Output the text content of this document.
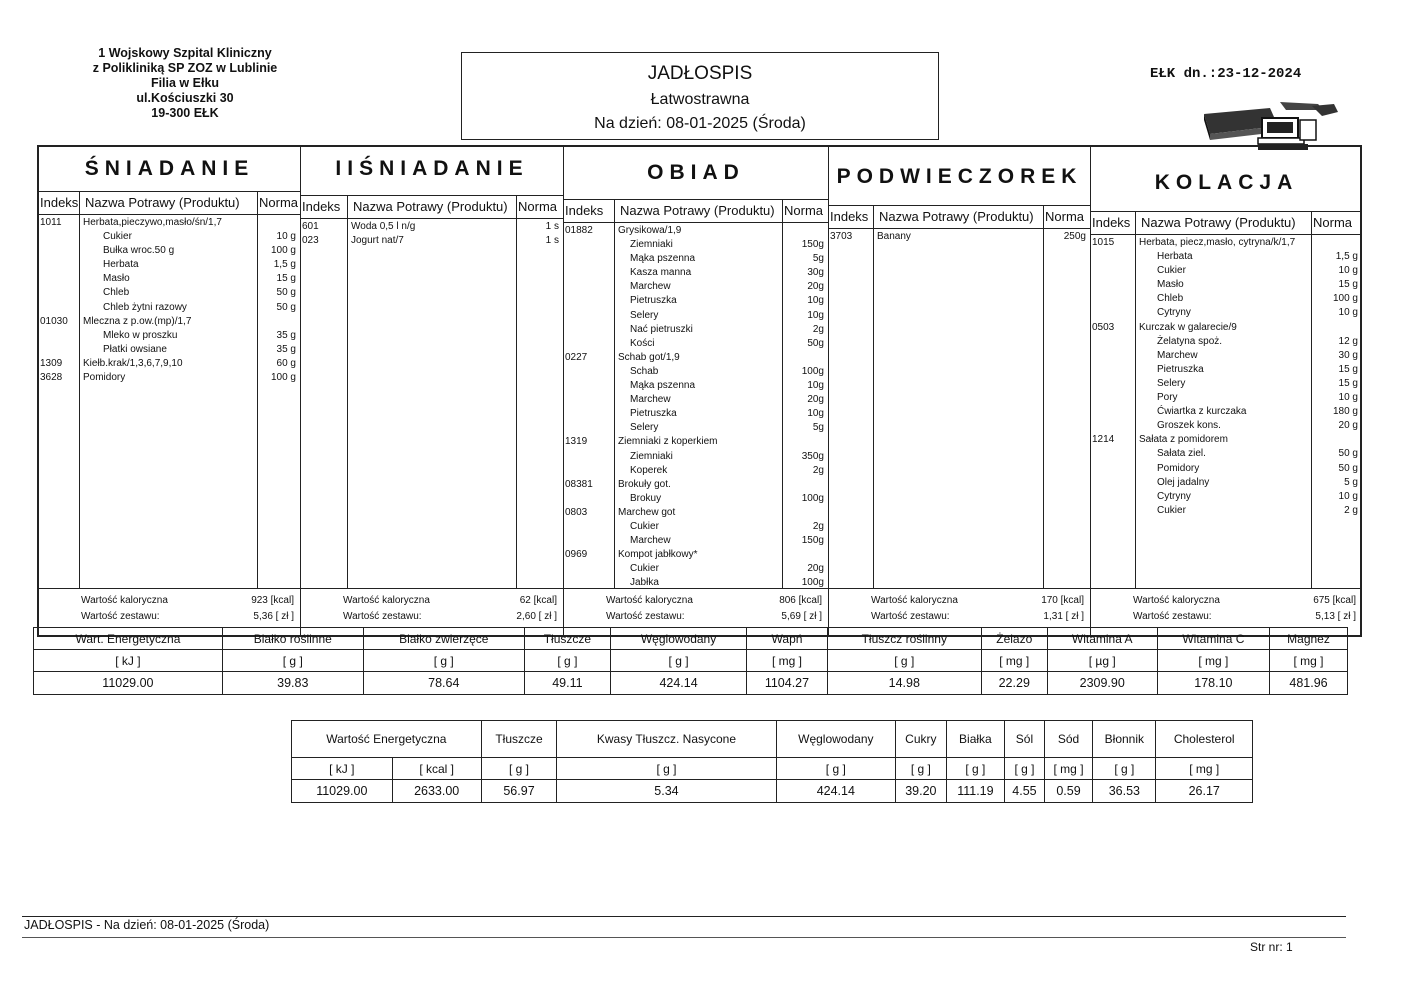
1 Wojskowy Szpital Kliniczny
z Polikliniką SP ZOZ w Lublinie
Filia w Ełku
ul.Kościuszki 30
19-300 EŁK
JADŁOSPIS
Łatwostrawna
Na dzień: 08-01-2025 (Środa)
EŁK dn.:23-12-2024
ŚNIADANIE
Indeks Nazwa Potrawy (Produktu) Norma
1011 Herbata,pieczywo,masło/śn/1,7
Cukier	10 g
Bułka wroc.50 g	100 g
Herbata	1,5 g
Masło	15 g
Chleb	50 g
Chleb żytni razowy	50 g
01030 Mleczna z p.ow.(mp)/1,7
Mleko w proszku	35 g
Płatki owsiane	35 g
1309 Kiełb.krak/1,3,6,7,9,10	60 g
3628 Pomidory	100 g
Wartość kaloryczna	923 [kcal]
Wartość zestawu:	5,36 [ zł ]
IIŚNIADANIE
Indeks Nazwa Potrawy (Produktu) Norma
601	Woda 0,5 l n/g	1 s
023	Jogurt nat/7	1 s
Wartość kaloryczna	62 [kcal]
Wartość zestawu:	2,60 [ zł ]
OBIAD
Indeks Nazwa Potrawy (Produktu) Norma
01882	Grysikowa/1,9
Ziemniaki	150g
Mąka pszenna	5g
Kasza manna	30g
Marchew	20g
Pietruszka	10g
Selery	10g
Nać pietruszki	2g
Kości	50g
0227	Schab got/1,9
Schab	100g
Mąka pszenna	10g
Marchew	20g
Pietruszka	10g
Selery	5g
1319	Ziemniaki z koperkiem
Ziemniaki	350g
Koperek	2g
08381	Brokuły got.
Brokuy	100g
0803	Marchew got
Cukier	2g
Marchew	150g
0969	Kompot jabłkowy*
Cukier	20g
Jabłka	100g
Wartość kaloryczna	806 [kcal]
Wartość zestawu:	5,69 [ zł ]
PODWIECZOREK
Indeks Nazwa Potrawy (Produktu) Norma
3703 Banany	250g
Wartość kaloryczna	170 [kcal]
Wartość zestawu:	1,31 [ zł ]
KOLACJA
Indeks Nazwa Potrawy (Produktu) Norma
1015 Herbata, piecz,masło, cytryna/k/1,7
Herbata	1,5 g
Cukier	10 g
Masło	15 g
Chleb	100 g
Cytryny	10 g
0503 Kurczak w galarecie/9
Żelatyna spoż.	12 g
Marchew	30 g
Pietruszka	15 g
Selery	15 g
Pory	10 g
Ćwiartka z kurczaka	180 g
Groszek kons.	20 g
1214 Sałata z pomidorem
Sałata ziel.	50 g
Pomidory	50 g
Olej jadalny	5 g
Cytryny	10 g
Cukier	2 g
Wartość kaloryczna	675 [kcal]
Wartość zestawu:	5,13 [ zł ]
Wart. Energetyczna	Białko roślinne	Białko zwierzęce	Tłuszcze	Węglowodany	Wapń	Tłuszcz roślinny	Żelazo	Witamina A	Witamina C	Magnez
[ kJ ]	[ g ]	[ g ]	[ g ]	[ g ]	[ mg ]	[ g ]	[ mg ]	[ µg ]	[ mg ]	[ mg ]
11029.00	39.83	78.64	49.11	424.14	1104.27	14.98	22.29	2309.90	178.10	481.96
Wartość Energetyczna		Tłuszcze	Kwasy Tłuszcz. Nasycone	Węglowodany	Cukry	Białka	Sól	Sód	Błonnik	Cholesterol
[ kJ ]	[ kcal ]	[ g ]	[ g ]	[ g ]	[ g ]	[ g ]	[ g ]	[ mg ]	[ g ]	[ mg ]
11029.00	2633.00	56.97	5.34	424.14	39.20	111.19	4.55	0.59	36.53	26.17
JADŁOSPIS - Na dzień: 08-01-2025 (Środa)
Str nr: 1
